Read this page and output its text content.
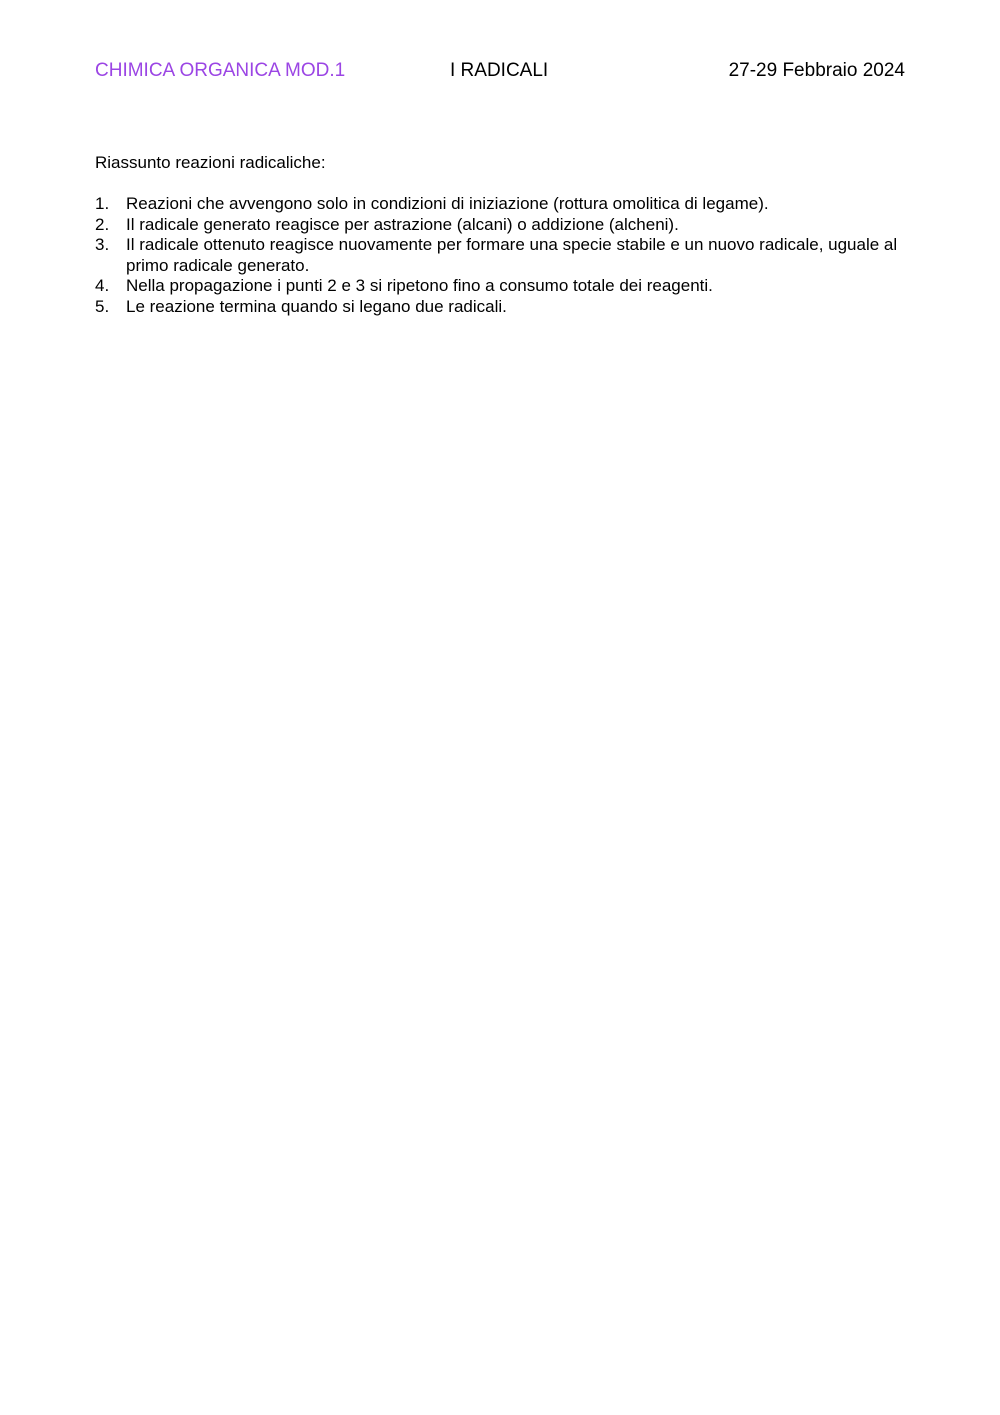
CHIMICA ORGANICA MOD.1	I RADICALI	27-29 Febbraio 2024

Riassunto reazioni radicaliche:

1. Reazioni che avvengono solo in condizioni di iniziazione (rottura omolitica di legame).
2. Il radicale generato reagisce per astrazione (alcani) o addizione (alcheni).
3. Il radicale ottenuto reagisce nuovamente per formare una specie stabile e un nuovo radicale, uguale al primo radicale generato.
4. Nella propagazione i punti 2 e 3 si ripetono fino a consumo totale dei reagenti.
5. Le reazione termina quando si legano due radicali.
